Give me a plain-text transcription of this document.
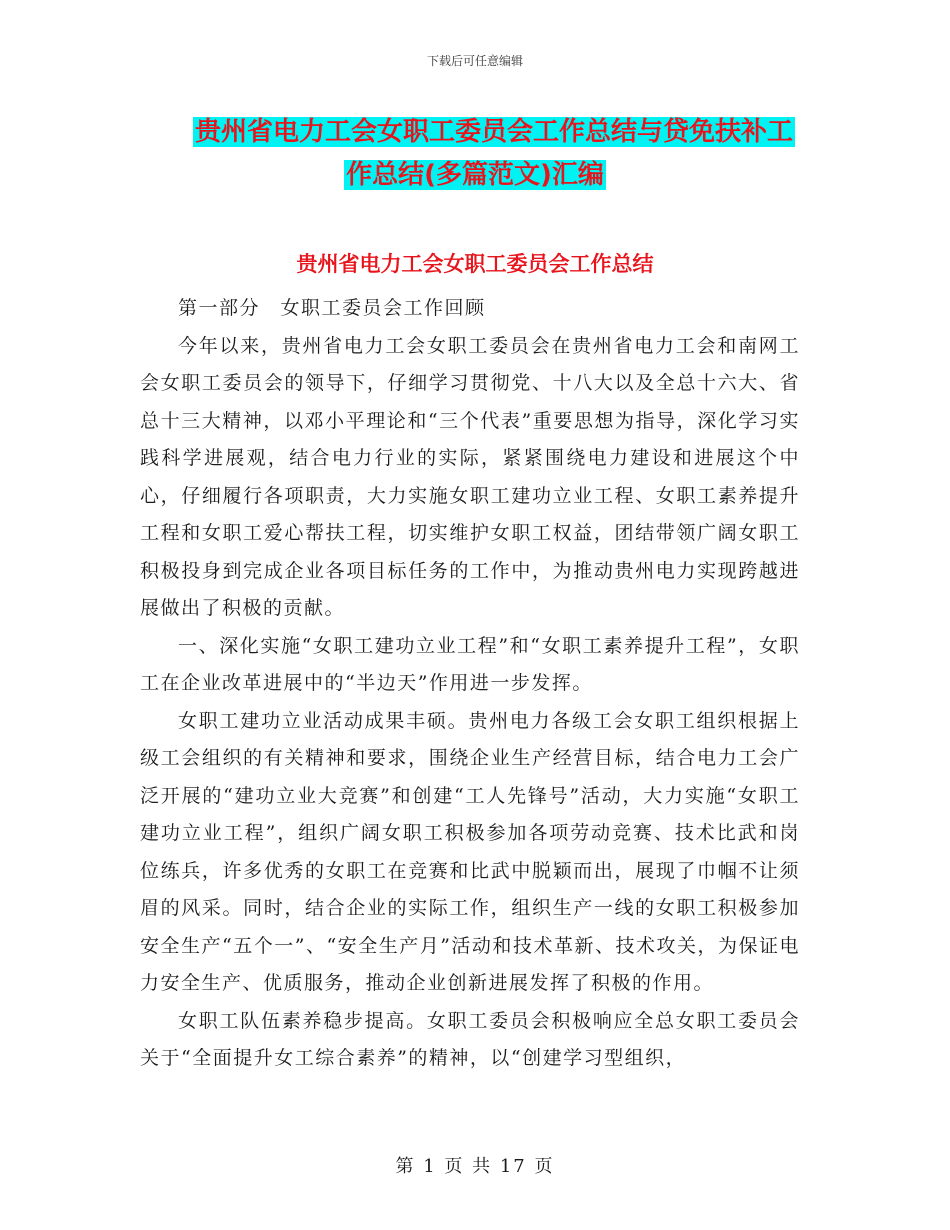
下载后可任意编辑
贵州省电力工会女职工委员会工作总结与贷免扶补工
作总结(多篇范文)汇编
贵州省电力工会女职工委员会工作总结

第一部分　女职工委员会工作回顾

今年以来，贵州省电力工会女职工委员会在贵州省电力工会和南网工会女职工委员会的领导下，仔细学习贯彻党、十八大以及全总十六大、省总十三大精神，以邓小平理论和“三个代表”重要思想为指导，深化学习实践科学进展观，结合电力行业的实际，紧紧围绕电力建设和进展这个中心，仔细履行各项职责，大力实施女职工建功立业工程、女职工素养提升工程和女职工爱心帮扶工程，切实维护女职工权益，团结带领广阔女职工积极投身到完成企业各项目标任务的工作中，为推动贵州电力实现跨越进展做出了积极的贡献。

一、深化实施“女职工建功立业工程”和“女职工素养提升工程”，女职工在企业改革进展中的“半边天”作用进一步发挥。

女职工建功立业活动成果丰硕。贵州电力各级工会女职工组织根据上级工会组织的有关精神和要求，围绕企业生产经营目标，结合电力工会广泛开展的“建功立业大竞赛”和创建“工人先锋号”活动，大力实施“女职工建功立业工程”，组织广阔女职工积极参加各项劳动竞赛、技术比武和岗位练兵，许多优秀的女职工在竞赛和比武中脱颖而出，展现了巾帼不让须眉的风采。同时，结合企业的实际工作，组织生产一线的女职工积极参加安全生产“五个一”、“安全生产月”活动和技术革新、技术攻关，为保证电力安全生产、优质服务，推动企业创新进展发挥了积极的作用。

女职工队伍素养稳步提高。女职工委员会积极响应全总女职工委员会关于“全面提升女工综合素养”的精神，以“创建学习型组织，

第 1 页 共 17 页
